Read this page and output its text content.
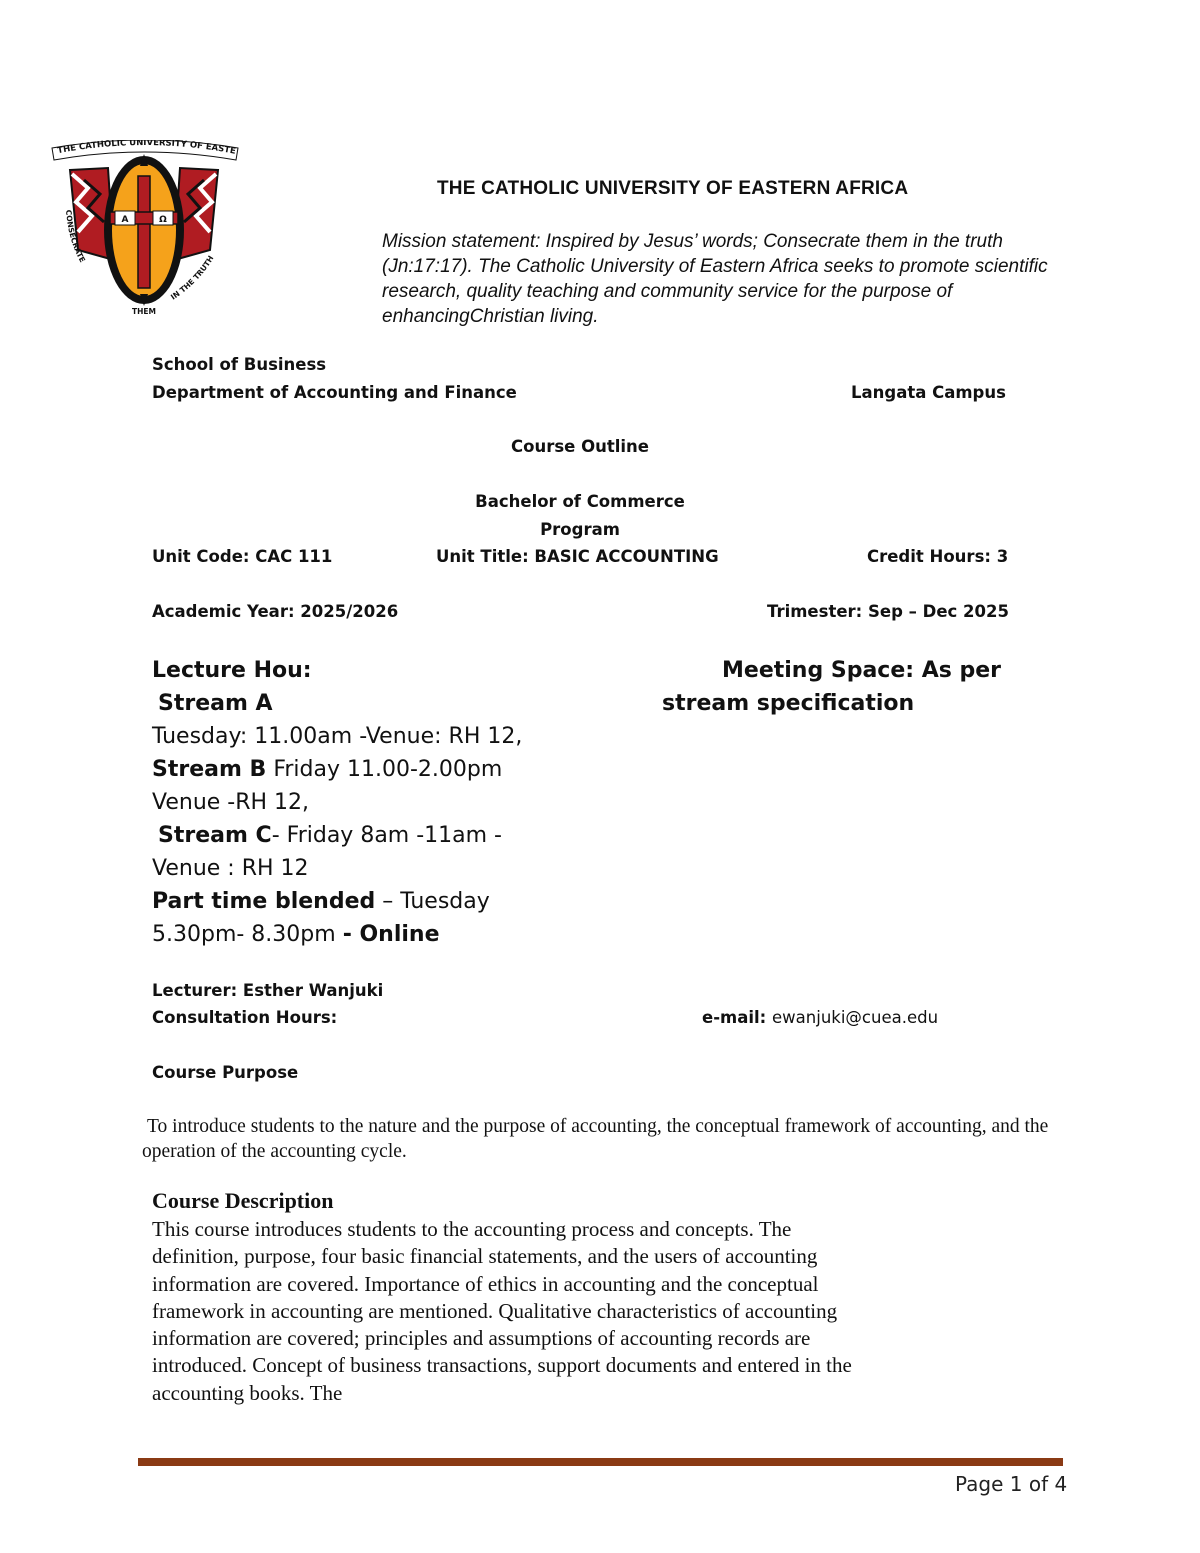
THE CATHOLIC UNIVERSITY OF EASTE
A	Ω
CONSECRATE
IN THE TRUTH
THEM
THE CATHOLIC UNIVERSITY OF EASTERN AFRICA
Mission statement: Inspired by Jesus’ words; Consecrate them in the truth (Jn:17:17). The Catholic University of Eastern Africa seeks to promote scientific research, quality teaching and community service for the purpose of enhancingChristian living.
School of Business
Department of Accounting and Finance	Langata Campus
Course Outline
Bachelor of Commerce
Program
Unit Code: CAC 111	Unit Title: BASIC ACCOUNTING	Credit Hours: 3
Academic Year: 2025/2026	Trimester: Sep – Dec 2025
Lecture Hou:
Stream A
Tuesday: 11.00am -Venue: RH 12,
Stream B Friday 11.00-2.00pm
Venue -RH 12,
Stream C- Friday 8am -11am -
Venue : RH 12
Part time blended – Tuesday
5.30pm- 8.30pm - Online
Meeting Space: As per
stream specification
Lecturer: Esther Wanjuki
Consultation Hours:	e-mail: ewanjuki@cuea.edu
Course Purpose
To introduce students to the nature and the purpose of accounting, the conceptual framework of accounting, and the operation of the accounting cycle.
Course Description
This course introduces students to the accounting process and concepts. The definition, purpose, four basic financial statements, and the users of accounting information are covered. Importance of ethics in accounting and the conceptual framework in accounting are mentioned. Qualitative characteristics of accounting information are covered; principles and assumptions of accounting records are introduced. Concept of business transactions, support documents and entered in the accounting books. The
Page 1 of 4
